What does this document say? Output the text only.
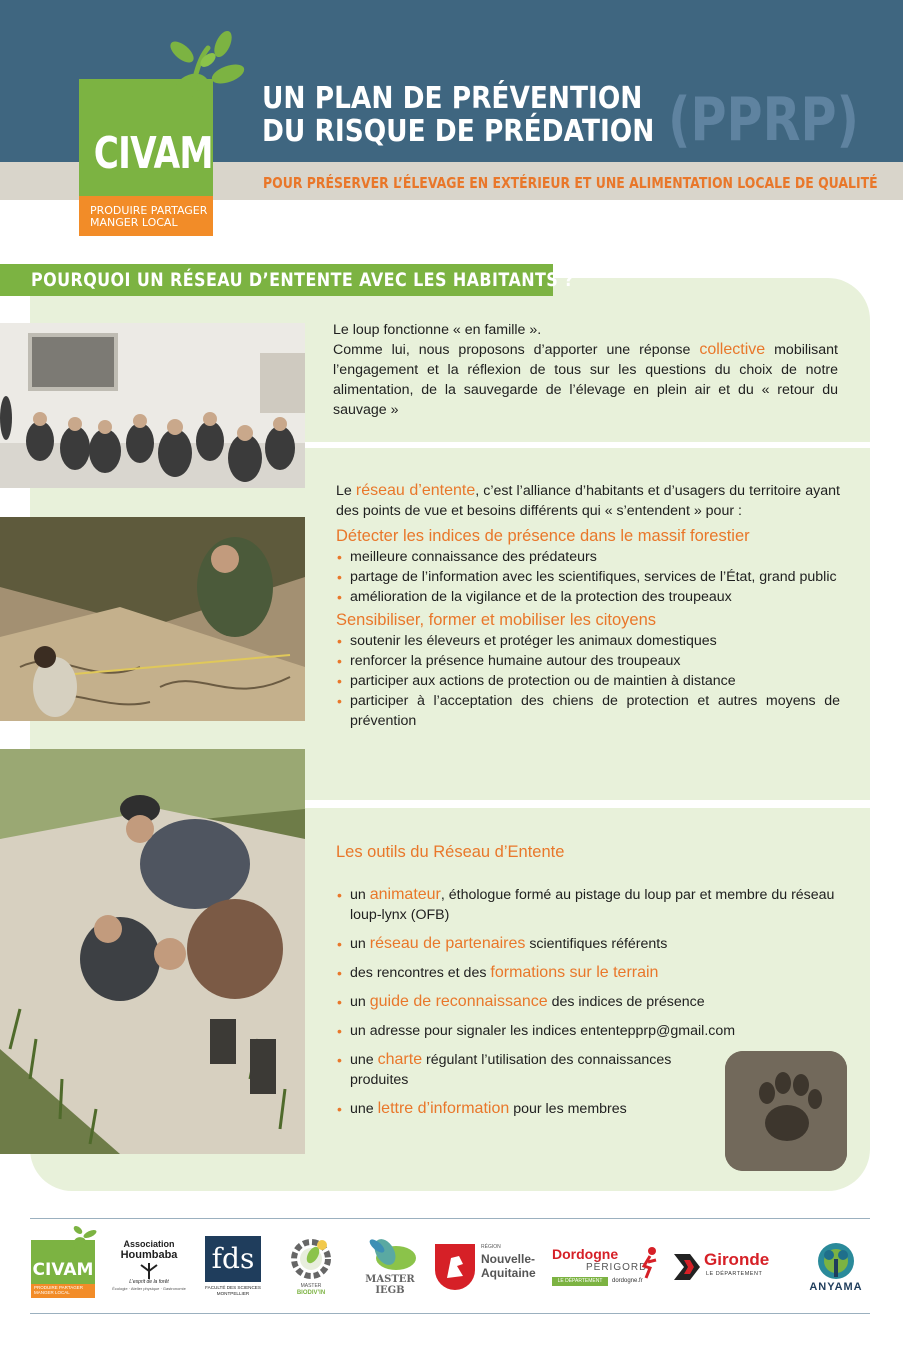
CIVAM
PRODUIRE PARTAGER MANGER LOCAL
UN PLAN DE PRÉVENTION
DU RISQUE DE PRÉDATION (PPRP)
POUR PRÉSERVER L’ÉLEVAGE EN EXTÉRIEUR ET UNE ALIMENTATION LOCALE DE QUALITÉ
POURQUOI UN RÉSEAU D’ENTENTE AVEC LES HABITANTS ?
Le loup fonctionne « en famille ».
Comme lui, nous proposons d’apporter une réponse collective mobilisant l’engagement et la réflexion de tous sur les questions du choix de notre alimentation, de la sauvegarde de l’élevage en plein air et du « retour du sauvage »
Le réseau d’entente, c’est l’alliance d’habitants et d’usagers du territoire ayant des points de vue et besoins différents qui « s’entendent » pour :
Détecter les indices de présence dans le massif forestier
• meilleure connaissance des prédateurs
• partage de l’information avec les scientifiques, services de l’État, grand public
• amélioration de la vigilance et de la protection des troupeaux
Sensibiliser, former et mobiliser les citoyens
• soutenir les éleveurs et protéger les animaux domestiques
• renforcer la présence humaine autour des troupeaux
• participer aux actions de protection ou de maintien à distance
• participer à l’acceptation des chiens de protection et autres moyens de prévention
Les outils du Réseau d’Entente
• un animateur, éthologue formé au pistage du loup par et membre du réseau loup-lynx (OFB)
• un réseau de partenaires scientifiques référents
• des rencontres et des formations sur le terrain
• un guide de reconnaissance des indices de présence
• un adresse pour signaler les indices ententepprp@gmail.com
• une charte régulant l’utilisation des connaissances produites
• une lettre d’information pour les membres
CIVAM
PRODUIRE PARTAGER MANGER LOCAL
Association
Houmbaba
L’esprit de la forêt
Écologie · Atelier physique · Gastronomie
fds
FACULTÉ DES SCIENCES
MONTPELLIER
MASTER
BIODIV’IN
MASTER
IEGB
RÉGION
Nouvelle-
Aquitaine
Dordogne
PÉRIGORD
LE DÉPARTEMENT	dordogne.fr
Gironde
LE DÉPARTEMENT
ANYAMA
